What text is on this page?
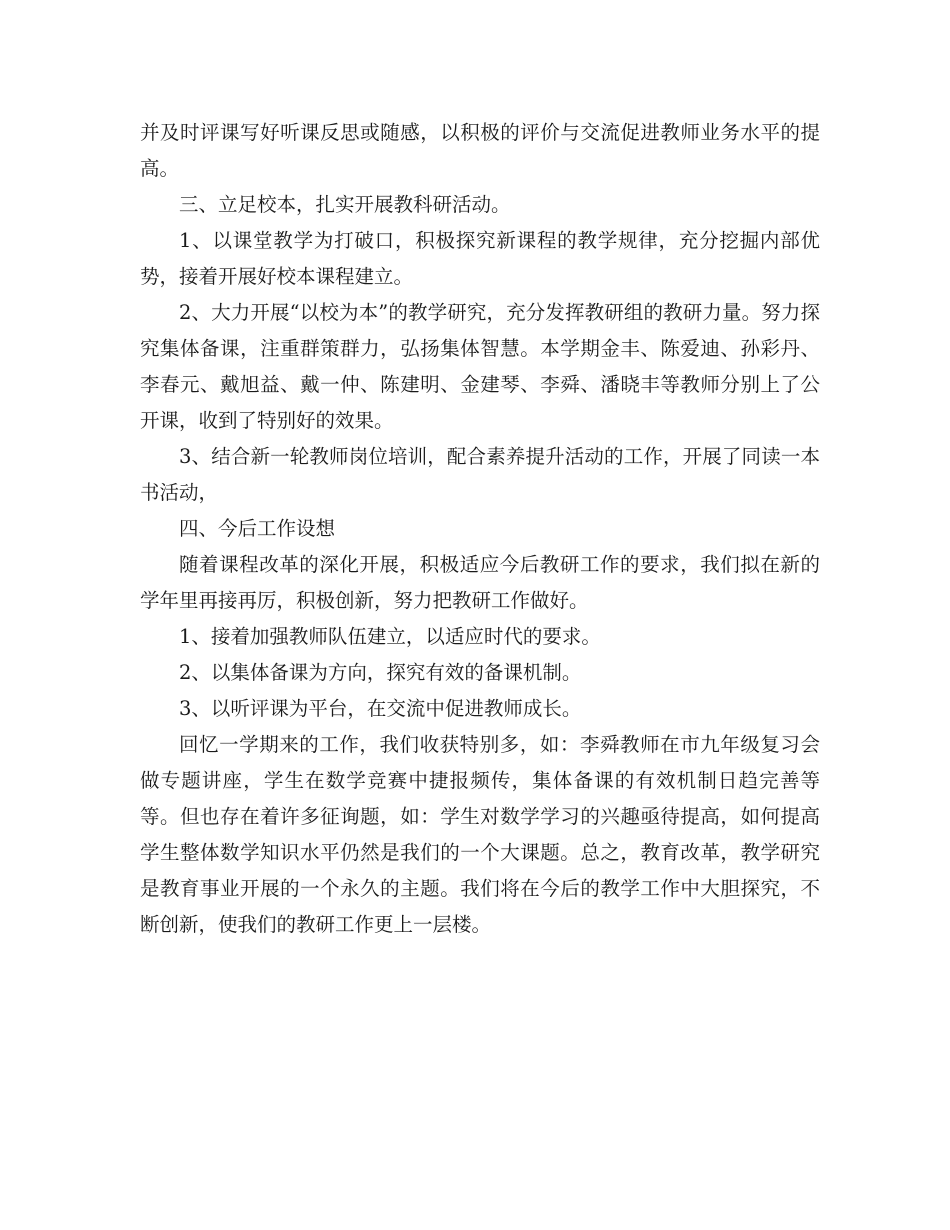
并及时评课写好听课反思或随感，以积极的评价与交流促进教师业务水平的提高。

三、立足校本，扎实开展教科研活动。

1、以课堂教学为打破口，积极探究新课程的教学规律，充分挖掘内部优势，接着开展好校本课程建立。

2、大力开展“以校为本”的教学研究，充分发挥教研组的教研力量。努力探究集体备课，注重群策群力，弘扬集体智慧。本学期金丰、陈爱迪、孙彩丹、李春元、戴旭益、戴一仲、陈建明、金建琴、李舜、潘晓丰等教师分别上了公开课，收到了特别好的效果。

3、结合新一轮教师岗位培训，配合素养提升活动的工作，开展了同读一本书活动，

四、今后工作设想

随着课程改革的深化开展，积极适应今后教研工作的要求，我们拟在新的学年里再接再厉，积极创新，努力把教研工作做好。

1、接着加强教师队伍建立，以适应时代的要求。

2、以集体备课为方向，探究有效的备课机制。

3、以听评课为平台，在交流中促进教师成长。

回忆一学期来的工作，我们收获特别多，如：李舜教师在市九年级复习会做专题讲座，学生在数学竞赛中捷报频传，集体备课的有效机制日趋完善等等。但也存在着许多征询题，如：学生对数学学习的兴趣亟待提高，如何提高学生整体数学知识水平仍然是我们的一个大课题。总之，教育改革，教学研究是教育事业开展的一个永久的主题。我们将在今后的教学工作中大胆探究，不断创新，使我们的教研工作更上一层楼。
